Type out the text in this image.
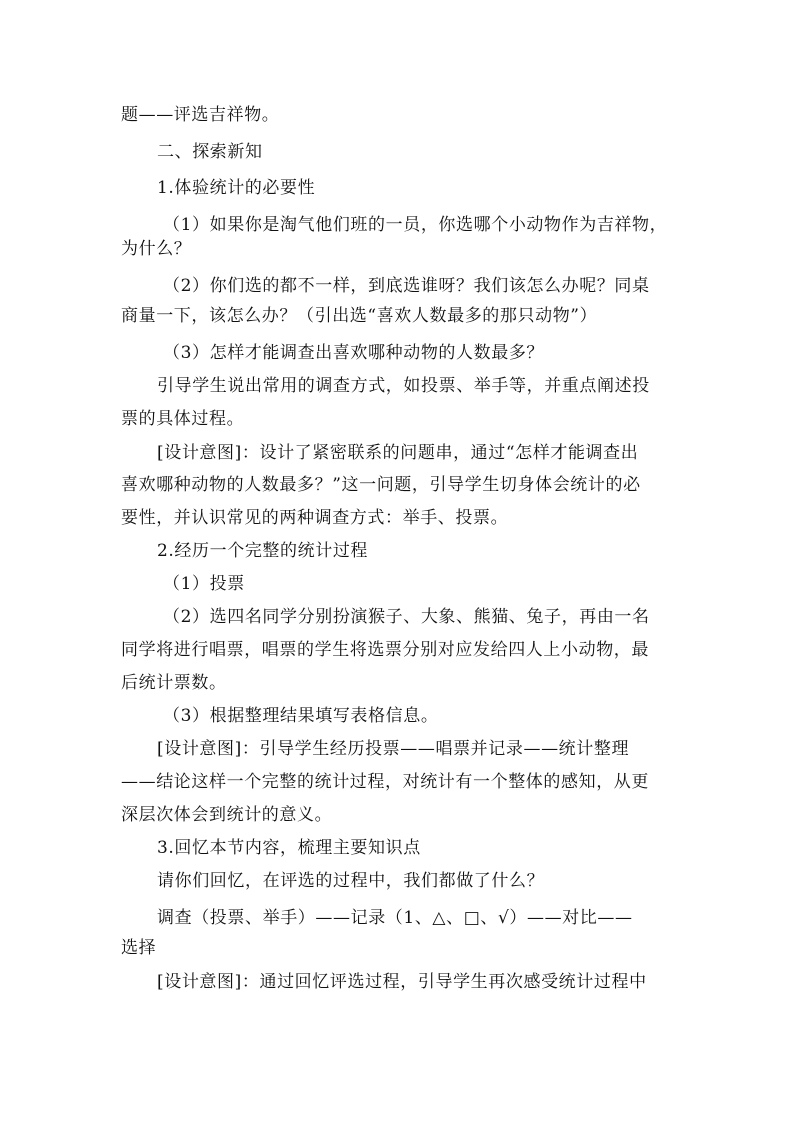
题——评选吉祥物。
二、探索新知
1.体验统计的必要性
（1）如果你是淘气他们班的一员，你选哪个小动物作为吉祥物，
为什么？
（2）你们选的都不一样，到底选谁呀？我们该怎么办呢？同桌
商量一下，该怎么办？（引出选“喜欢人数最多的那只动物”）
（3）怎样才能调查出喜欢哪种动物的人数最多？
引导学生说出常用的调查方式，如投票、举手等，并重点阐述投
票的具体过程。
[设计意图]：设计了紧密联系的问题串，通过“怎样才能调查出
喜欢哪种动物的人数最多？”这一问题，引导学生切身体会统计的必
要性，并认识常见的两种调查方式：举手、投票。
2.经历一个完整的统计过程
（1）投票
（2）选四名同学分别扮演猴子、大象、熊猫、兔子，再由一名
同学将进行唱票，唱票的学生将选票分别对应发给四人上小动物，最
后统计票数。
（3）根据整理结果填写表格信息。
[设计意图]：引导学生经历投票——唱票并记录——统计整理
——结论这样一个完整的统计过程，对统计有一个整体的感知，从更
深层次体会到统计的意义。
3.回忆本节内容，梳理主要知识点
请你们回忆，在评选的过程中，我们都做了什么？
调查（投票、举手）——记录（1、△、□、√）——对比——
选择
[设计意图]：通过回忆评选过程，引导学生再次感受统计过程中
